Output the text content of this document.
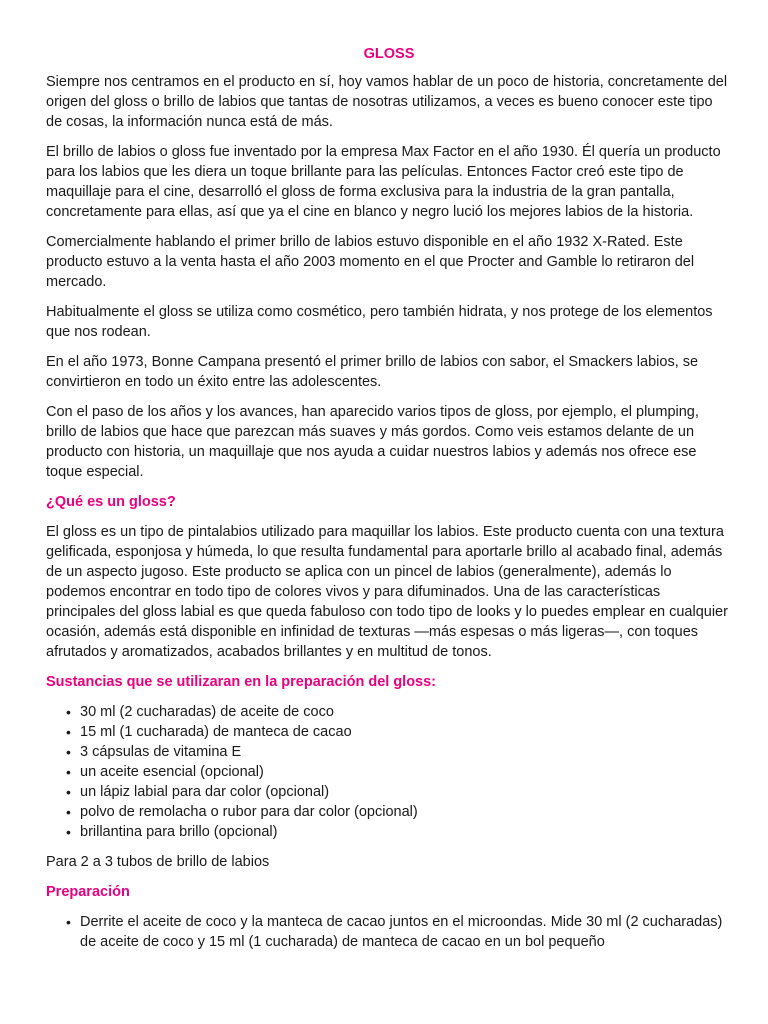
GLOSS

Siempre nos centramos en el producto en sí, hoy vamos hablar de un poco de historia, concretamente del origen del gloss o brillo de labios que tantas de nosotras utilizamos, a veces es bueno conocer este tipo de cosas, la información nunca está de más.

El brillo de labios o gloss fue inventado por la empresa Max Factor en el año 1930. Él quería un producto para los labios que les diera un toque brillante para las películas. Entonces Factor creó este tipo de maquillaje para el cine, desarrolló el gloss de forma exclusiva para la industria de la gran pantalla, concretamente para ellas, así que ya el cine en blanco y negro lució los mejores labios de la historia.

Comercialmente hablando el primer brillo de labios estuvo disponible en el año 1932 X-Rated. Este producto estuvo a la venta hasta el año 2003 momento en el que Procter and Gamble lo retiraron del mercado.

Habitualmente el gloss se utiliza como cosmético, pero también hidrata, y nos protege de los elementos que nos rodean.

En el año 1973, Bonne Campana presentó el primer brillo de labios con sabor, el Smackers labios, se convirtieron en todo un éxito entre las adolescentes.

Con el paso de los años y los avances, han aparecido varios tipos de gloss, por ejemplo, el plumping, brillo de labios que hace que parezcan más suaves y más gordos. Como veis estamos delante de un producto con historia, un maquillaje que nos ayuda a cuidar nuestros labios y además nos ofrece ese toque especial.

¿Qué es un gloss?

El gloss es un tipo de pintalabios utilizado para maquillar los labios. Este producto cuenta con una textura gelificada, esponjosa y húmeda, lo que resulta fundamental para aportarle brillo al acabado final, además de un aspecto jugoso. Este producto se aplica con un pincel de labios (generalmente), además lo podemos encontrar en todo tipo de colores vivos y para difuminados. Una de las características principales del gloss labial es que queda fabuloso con todo tipo de looks y lo puedes emplear en cualquier ocasión, además está disponible en infinidad de texturas —más espesas o más ligeras—, con toques afrutados y aromatizados, acabados brillantes y en multitud de tonos.

Sustancias que se utilizaran en la preparación del gloss:
• 30 ml (2 cucharadas) de aceite de coco
• 15 ml (1 cucharada) de manteca de cacao
• 3 cápsulas de vitamina E
• un aceite esencial (opcional)
• un lápiz labial para dar color (opcional)
• polvo de remolacha o rubor para dar color (opcional)
• brillantina para brillo (opcional)

Para 2 a 3 tubos de brillo de labios

Preparación
• Derrite el aceite de coco y la manteca de cacao juntos en el microondas. Mide 30 ml (2 cucharadas) de aceite de coco y 15 ml (1 cucharada) de manteca de cacao en un bol pequeño
